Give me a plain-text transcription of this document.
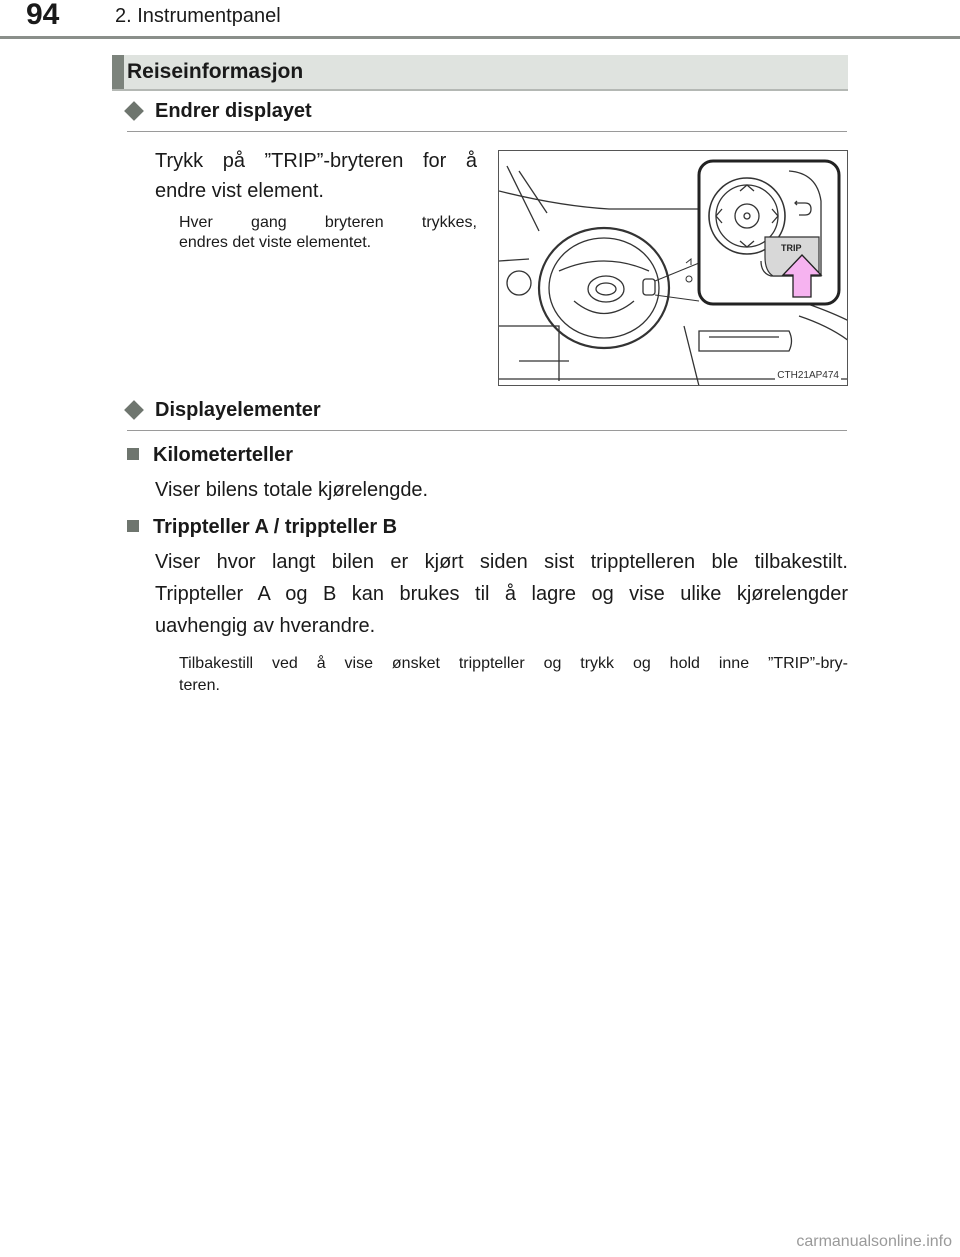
94	2. Instrumentpanel
Reiseinformasjon
Endrer displayet
Trykk på ”TRIP”-bryteren for å
endre vist element.
Hver gang bryteren trykkes,
endres det viste elementet.	TRIP
CTH21AP474
Displayelementer
Kilometerteller
Viser bilens totale kjørelengde.
Trippteller A / trippteller B
Viser hvor langt bilen er kjørt siden sist tripptelleren ble tilbakestilt.
Trippteller A og B kan brukes til å lagre og vise ulike kjørelengder
uavhengig av hverandre.
Tilbakestill ved å vise ønsket trippteller og trykk og hold inne ”TRIP”-bry-
teren.
carmanualsonline.info
